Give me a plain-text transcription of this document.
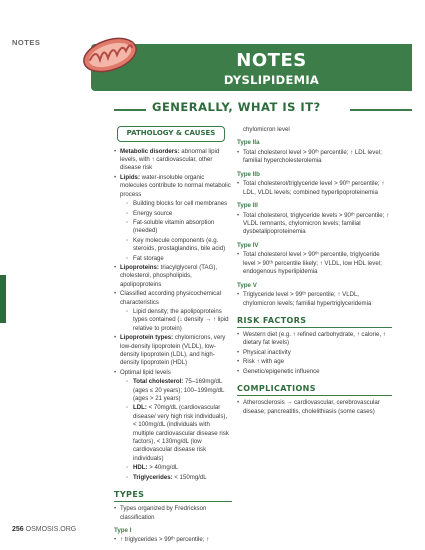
NOTES
NOTES
DYSLIPIDEMIA
GENERALLY, WHAT IS IT?
PATHOLOGY & CAUSES
• Metabolic disorders: abnormal lipid levels, with ↑ cardiovascular, other disease risk
• Lipids: water-insoluble organic molecules contribute to normal metabolic process
◦ Building blocks for cell membranes
◦ Energy source
◦ Fat-soluble vitamin absorption (needed)
◦ Key molecule components (e.g. steroids, prostaglandins, bile acid)
◦ Fat storage
• Lipoproteins: triacylglycerol (TAG), cholesterol, phospholipids, apolipoproteins
• Classified according physicochemical characteristics
◦ Lipid density; the apolipoproteins types contained (↓ density → ↑ lipid relative to protein)
• Lipoprotein types: chylomicrons, very low-density lipoprotein (VLDL), low-density lipoprotein (LDL), and high-density lipoprotein (HDL)
• Optimal lipid levels
◦ Total cholesterol: 75–169mg/dL (ages ≤ 20 years); 100–199mg/dL (ages > 21 years)
◦ LDL: < 70mg/dL (cardiovascular disease/ very high risk individuals), < 100mg/dL (individuals with multiple cardiovascular disease risk factors), < 130mg/dL (low cardiovascular disease risk individuals)
◦ HDL: > 40mg/dL
◦ Triglycerides: < 150mg/dL
TYPES
• Types organized by Fredrickson classification
Type I
• ↑ triglycerides > 99ᵗʰ percentile; ↑
chylomicron level
Type IIa
• Total cholesterol level > 90ᵗʰ percentile; ↑ LDL level; familial hypercholesterolemia
Type IIb
• Total cholesterol/triglyceride level > 90ᵗʰ percentile; ↑ LDL, VLDL levels; combined hyperlipoproteinemia
Type III
• Total cholesterol, triglyceride levels > 90ᵗʰ percentile; ↑ VLDL remnants, chylomicron levels; familial dysbetalipoproteinemia
Type IV
• Total cholesterol level > 90ᵗʰ percentile, triglyceride level > 90ᵗʰ percentile likely; ↑ VLDL, low HDL level; endogenous hyperlipidemia
Type V
• Triglyceride level > 99ᵗʰ percentile; ↑ VLDL, chylomicron levels; familial hypertriglyceridemia
RISK FACTORS
• Western diet (e.g. ↑ refined carbohydrate, ↑ calorie, ↑ dietary fat levels)
• Physical inactivity
• Risk ↑ with age
• Genetic/epigenetic influence
COMPLICATIONS
• Atherosclerosis → cardiovascular, cerebrovascular disease; pancreatitis, cholelithiasis (some cases)
256 OSMOSIS.ORG
